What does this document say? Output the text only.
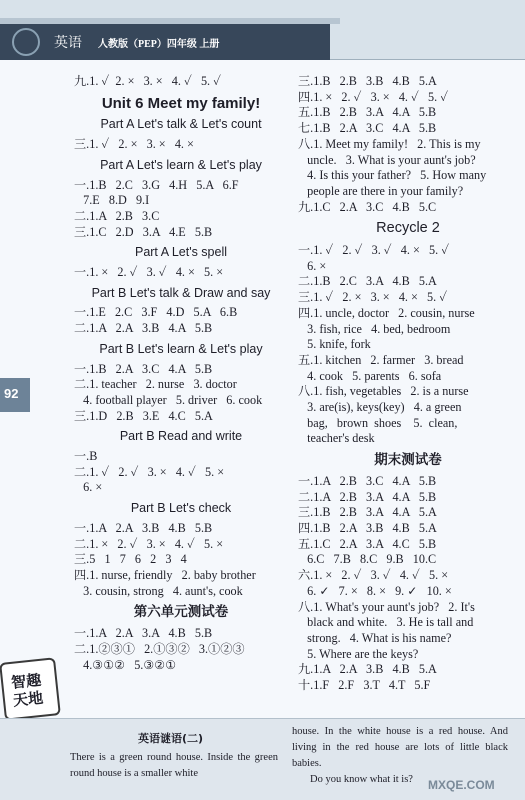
英语 人教版（PEP）四年级 上册
92
九.1. ✓  2. ×   3. ×   4. ✓   5. ✓
Unit 6 Meet my family!
Part A Let's talk & Let's count
三.1. ✓   2. ×   3. ×   4. ×
Part A Let's learn & Let's play
一.1.B   2.C   3.G   4.H   5.A   6.F
7.E   8.D   9.I
二.1.A   2.B   3.C
三.1.C   2.D   3.A   4.E   5.B
Part A Let's spell
一.1. ×   2. ✓   3. ✓   4. ×   5. ×
Part B Let's talk & Draw and say
一.1.E   2.C   3.F   4.D   5.A   6.B
二.1.A   2.A   3.B   4.A   5.B
Part B Let's learn & Let's play
一.1.B   2.A   3.C   4.A   5.B
二.1. teacher   2. nurse   3. doctor
4. football player   5. driver   6. cook
三.1.D   2.B   3.E   4.C   5.A
Part B Read and write
一.B
二.1. ✓   2. ✓   3. ×   4. ✓   5. ×
6. ×
Part B Let's check
一.1.A   2.A   3.B   4.B   5.B
二.1. ×   2. ✓   3. ×   4. ✓   5. ×
三.5   1   7   6   2   3   4
四.1. nurse, friendly   2. baby brother
3. cousin, strong   4. aunt's, cook
第六单元测试卷
一.1.A   2.A   3.A   4.B   5.B
二.1.②③①   2.①③②   3.①②③
4.③①②   5.③②①
三.1.B   2.B   3.B   4.B   5.A
四.1. ×   2. ✓   3. ×   4. ✓   5. ✓
五.1.B   2.B   3.A   4.A   5.B
七.1.B   2.A   3.C   4.A   5.B
八.1. Meet my family!   2. This is my
uncle.   3. What is your aunt's job?
4. Is this your father?   5. How many
people are there in your family?
九.1.C   2.A   3.C   4.B   5.C
Recycle 2
一.1. ✓   2. ✓   3. ✓   4. ×   5. ✓
6. ×
二.1.B   2.C   3.A   4.B   5.A
三.1. ✓   2. ×   3. ×   4. ×   5. ✓
四.1. uncle, doctor   2. cousin, nurse
3. fish, rice   4. bed, bedroom
5. knife, fork
五.1. kitchen   2. farmer   3. bread
4. cook   5. parents   6. sofa
八.1. fish, vegetables   2. is a nurse
3. are(is), keys(key)   4. a green
bag,   brown  shoes    5.  clean,
teacher's desk
期末测试卷
一.1.A   2.B   3.C   4.A   5.B
二.1.A   2.B   3.A   4.A   5.B
三.1.B   2.B   3.A   4.A   5.A
四.1.B   2.A   3.B   4.B   5.A
五.1.C   2.A   3.A   4.C   5.B
6.C   7.B   8.C   9.B   10.C
六.1. ×   2. ✓   3. ✓   4. ✓   5. ×
6. ✓   7. ×   8. ×   9. ✓   10. ×
八.1. What's your aunt's job?   2. It's
black and white.   3. He is tall and
strong.   4. What is his name?
5. Where are the keys?
九.1.A   2.A   3.B   4.B   5.A
十.1.F   2.F   3.T   4.T   5.F
智趣天地
英语谜语(二)

There is a green round house. Inside the green round house is a smaller white

house. In the white house is a red house. And living in the red house are lots of little black babies.

Do you know what it is?	MXQE.COM
